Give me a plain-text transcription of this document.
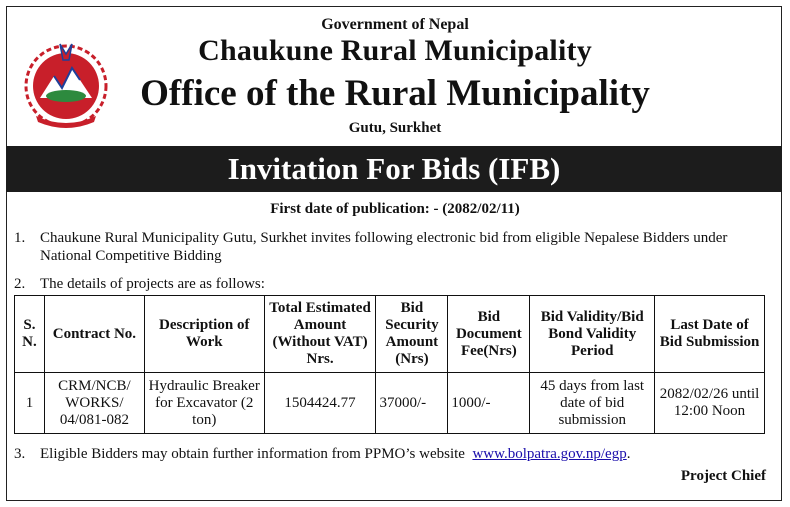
Government of Nepal
Chaukune Rural Municipality
Office of the Rural Municipality
Gutu, Surkhet
Invitation For Bids (IFB)
First date of publication: - (2082/02/11)
1. Chaukune Rural Municipality Gutu, Surkhet invites following electronic bid from eligible Nepalese Bidders under National Competitive Bidding
2. The details of projects are as follows:
S. N.	Contract No.	Description of Work	Total Estimated Amount (Without VAT) Nrs.	Bid Security Amount (Nrs)	Bid Document Fee(Nrs)	Bid Validity/Bid Bond Validity Period	Last Date of Bid Submission
1	CRM/NCB/ WORKS/ 04/081-082	Hydraulic Breaker for Excavator (2 ton)	1504424.77	37000/-	1000/-	45 days from last date of bid submission	2082/02/26 until 12:00 Noon
3. Eligible Bidders may obtain further information from PPMO’s website www.bolpatra.gov.np/egp.
Project Chief
